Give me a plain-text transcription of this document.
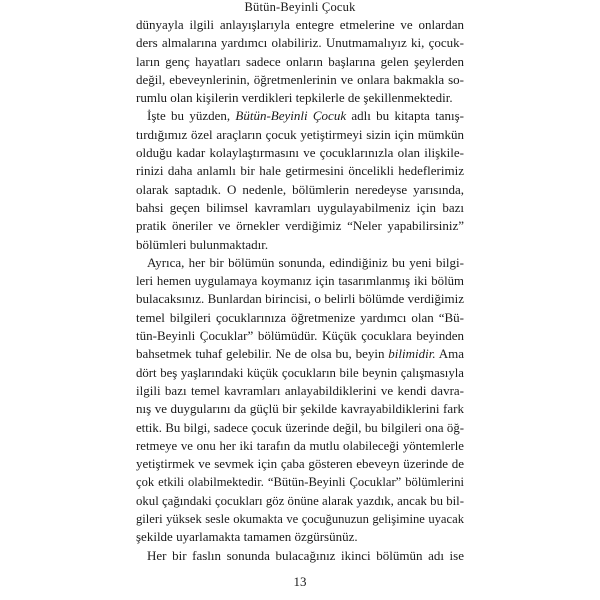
Bütün-Beyinli Çocuk
dünyayla ilgili anlayışlarıyla entegre etmelerine ve onlardan
ders almalarına yardımcı olabiliriz. Unutmamalıyız ki, çocuk-
ların genç hayatları sadece onların başlarına gelen şeylerden
değil, ebeveynlerinin, öğretmenlerinin ve onlara bakmakla so-
rumlu olan kişilerin verdikleri tepkilerle de şekillenmektedir.
İşte bu yüzden, Bütün-Beyinli Çocuk adlı bu kitapta tanış-
tırdığımız özel araçların çocuk yetiştirmeyi sizin için mümkün
olduğu kadar kolaylaştırmasını ve çocuklarınızla olan ilişkile-
rinizi daha anlamlı bir hale getirmesini öncelikli hedeflerimiz
olarak saptadık. O nedenle, bölümlerin neredeyse yarısında,
bahsi geçen bilimsel kavramları uygulayabilmeniz için bazı
pratik öneriler ve örnekler verdiğimiz “Neler yapabilirsiniz”
bölümleri bulunmaktadır.
Ayrıca, her bir bölümün sonunda, edindiğiniz bu yeni bilgi-
leri hemen uygulamaya koymanız için tasarımlanmış iki bölüm
bulacaksınız. Bunlardan birincisi, o belirli bölümde verdiğimiz
temel bilgileri çocuklarınıza öğretmenize yardımcı olan “Bü-
tün-Beyinli Çocuklar” bölümüdür. Küçük çocuklara beyinden
bahsetmek tuhaf gelebilir. Ne de olsa bu, beyin bilimidir. Ama
dört beş yaşlarındaki küçük çocukların bile beynin çalışmasıyla
ilgili bazı temel kavramları anlayabildiklerini ve kendi davra-
nış ve duygularını da güçlü bir şekilde kavrayabildiklerini fark
ettik. Bu bilgi, sadece çocuk üzerinde değil, bu bilgileri ona öğ-
retmeye ve onu her iki tarafın da mutlu olabileceği yöntemlerle
yetiştirmek ve sevmek için çaba gösteren ebeveyn üzerinde de
çok etkili olabilmektedir. “Bütün-Beyinli Çocuklar” bölümlerini
okul çağındaki çocukları göz önüne alarak yazdık, ancak bu bil-
gileri yüksek sesle okumakta ve çocuğunuzun gelişimine uyacak
şekilde uyarlamakta tamamen özgürsünüz.
Her bir faslın sonunda bulacağınız ikinci bölümün adı ise
13
